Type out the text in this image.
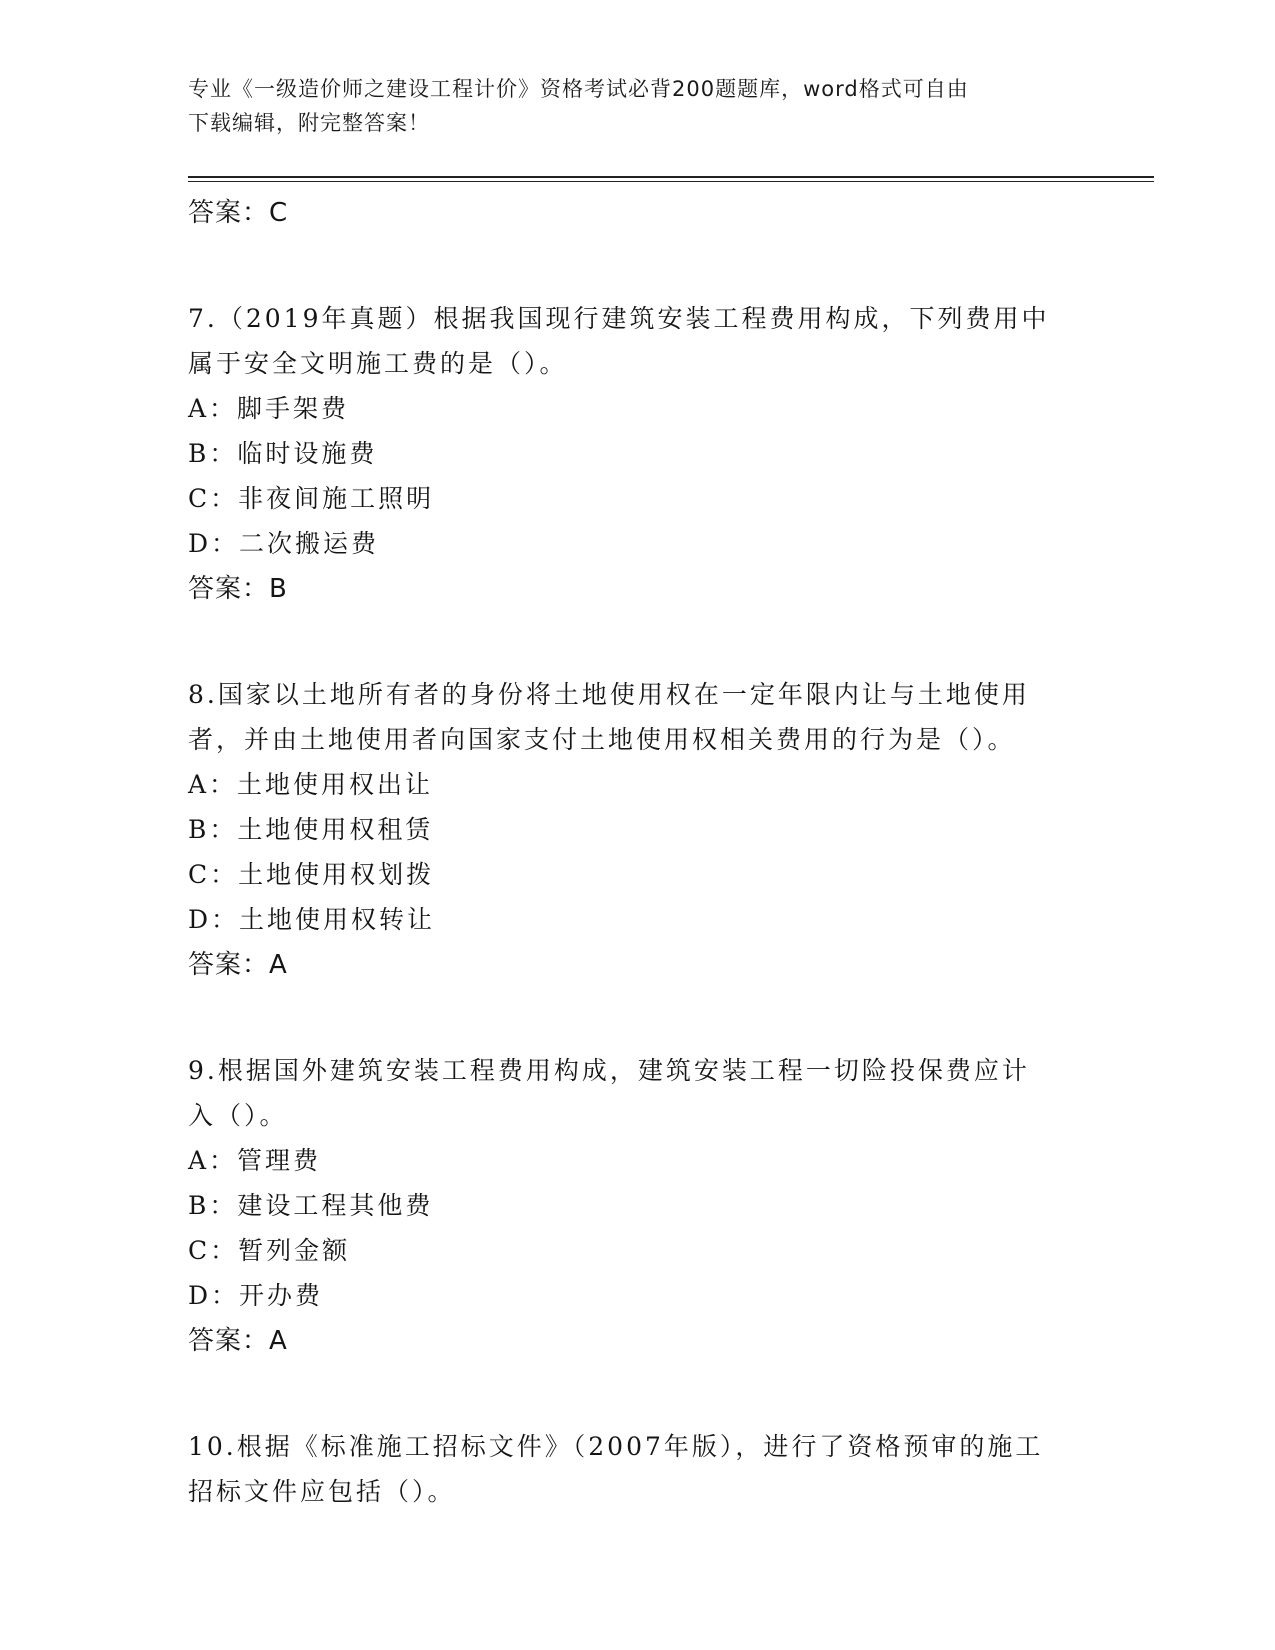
专业《一级造价师之建设工程计价》资格考试必背200题题库，word格式可自由
下载编辑，附完整答案！
答案：C
7.（2019年真题）根据我国现行建筑安装工程费用构成，下列费用中
属于安全文明施工费的是（）。
A：脚手架费
B：临时设施费
C：非夜间施工照明
D：二次搬运费
答案：B
8.国家以土地所有者的身份将土地使用权在一定年限内让与土地使用
者，并由土地使用者向国家支付土地使用权相关费用的行为是（）。
A：土地使用权出让
B：土地使用权租赁
C：土地使用权划拨
D：土地使用权转让
答案：A
9.根据国外建筑安装工程费用构成，建筑安装工程一切险投保费应计
入（）。
A：管理费
B：建设工程其他费
C：暂列金额
D：开办费
答案：A
10.根据《标准施工招标文件》（2007年版），进行了资格预审的施工
招标文件应包括（）。
